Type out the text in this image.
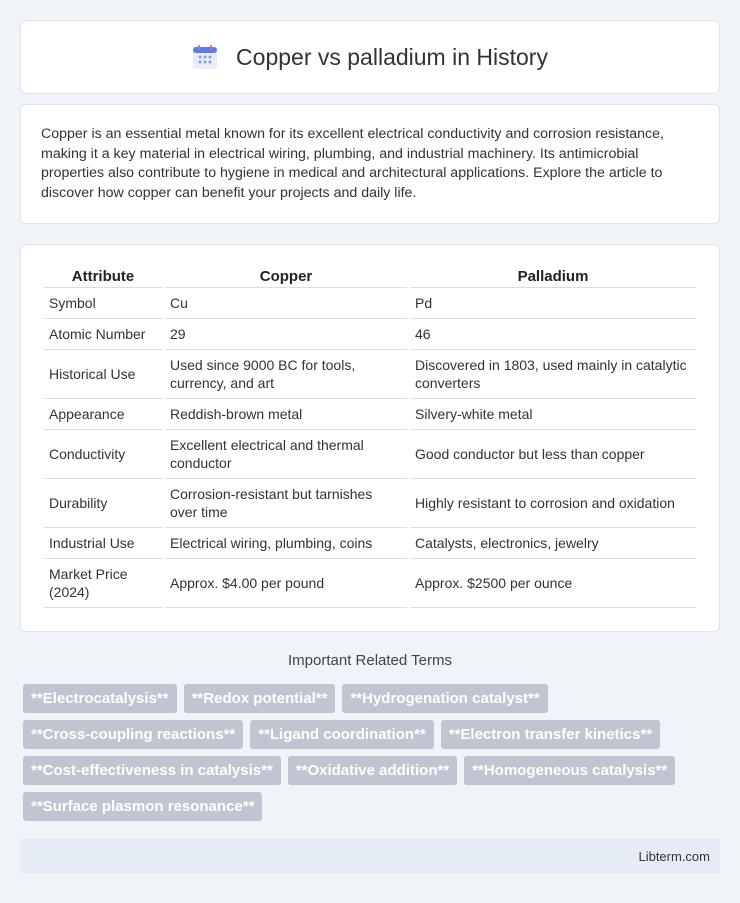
Copper vs palladium in History

Copper is an essential metal known for its excellent electrical conductivity and corrosion resistance, making it a key material in electrical wiring, plumbing, and industrial machinery. Its antimicrobial properties also contribute to hygiene in medical and architectural applications. Explore the article to discover how copper can benefit your projects and daily life.

Attribute	Copper	Palladium
Symbol	Cu	Pd
Atomic Number	29	46
Historical Use	Used since 9000 BC for tools, currency, and art	Discovered in 1803, used mainly in catalytic converters
Appearance	Reddish-brown metal	Silvery-white metal
Conductivity	Excellent electrical and thermal conductor	Good conductor but less than copper
Durability	Corrosion-resistant but tarnishes over time	Highly resistant to corrosion and oxidation
Industrial Use	Electrical wiring, plumbing, coins	Catalysts, electronics, jewelry
Market Price (2024)	Approx. $4.00 per pound	Approx. $2500 per ounce
Important Related Terms
**Electrocatalysis**	**Redox potential**	**Hydrogenation catalyst**
**Cross-coupling reactions**	**Ligand coordination**	**Electron transfer kinetics**
**Cost-effectiveness in catalysis**	**Oxidative addition**	**Homogeneous catalysis**
**Surface plasmon resonance**
Libterm.com
